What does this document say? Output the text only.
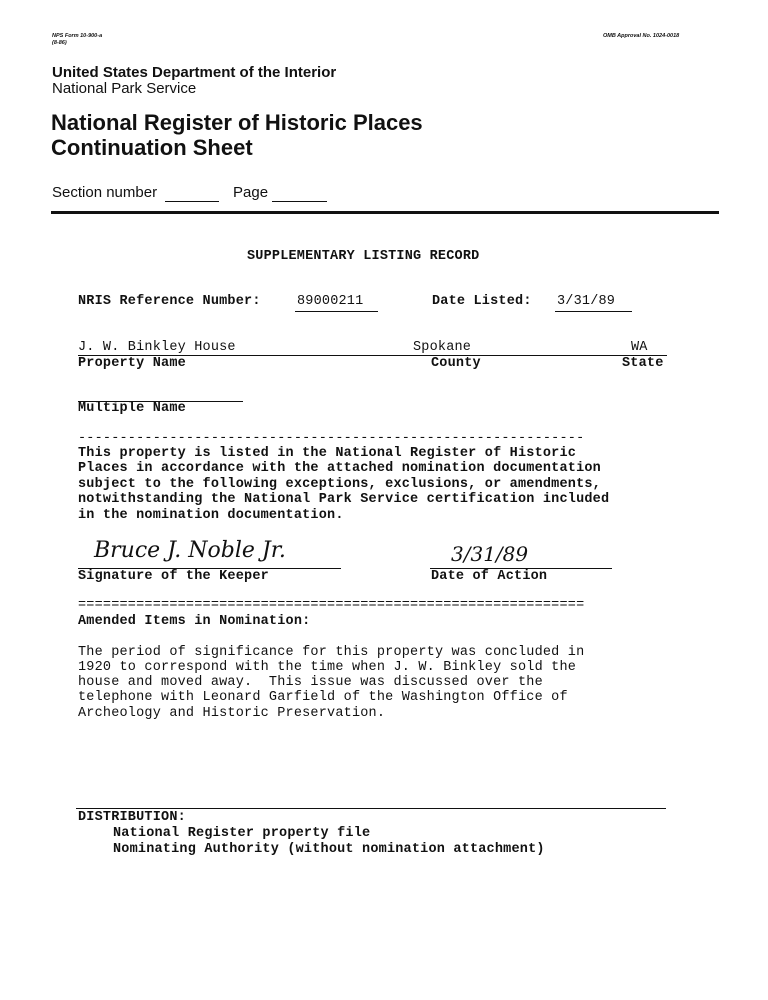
NPS Form 10-900-a
(8-86)
OMB Approval No. 1024-0018
United States Department of the Interior
National Park Service
National Register of Historic Places
Continuation Sheet
Section number	Page
SUPPLEMENTARY LISTING RECORD
NRIS Reference Number:	89000211	Date Listed: 3/31/89
J. W. Binkley House	Spokane	WA
Property Name	County	State
Multiple Name
-------------------------------------------------------------
This property is listed in the National Register of Historic
Places in accordance with the attached nomination documentation
subject to the following exceptions, exclusions, or amendments,
notwithstanding the National Park Service certification included
in the nomination documentation.
Bruce J. Noble Jr.
Signature of the Keeper
3/31/89
Date of Action
=============================================================
Amended Items in Nomination:
The period of significance for this property was concluded in
1920 to correspond with the time when J. W. Binkley sold the
house and moved away.  This issue was discussed over the
telephone with Leonard Garfield of the Washington Office of
Archeology and Historic Preservation.
DISTRIBUTION:
National Register property file
Nominating Authority (without nomination attachment)
